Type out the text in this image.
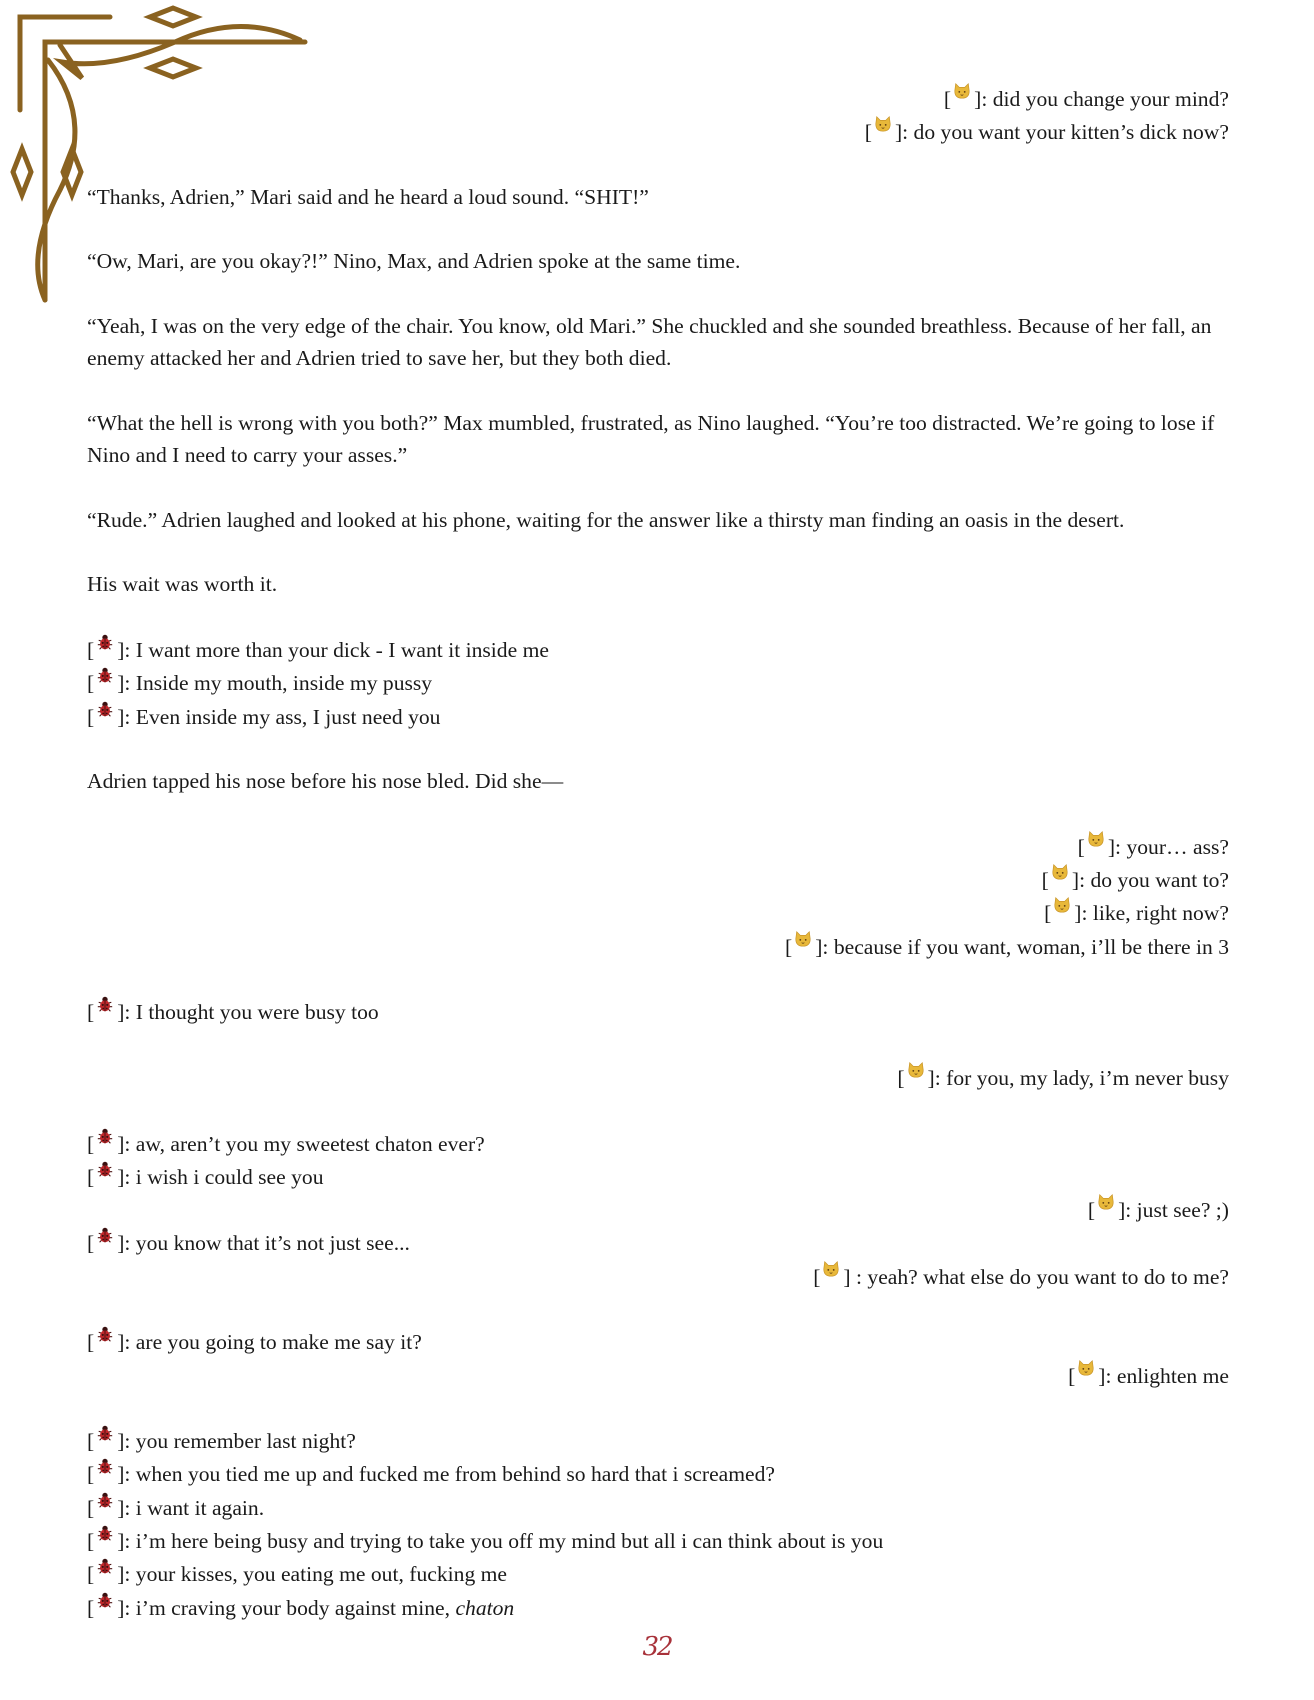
[ ]: did you change your mind?
[ ]: do you want your kitten’s dick now?
“Thanks, Adrien,” Mari said and he heard a loud sound. “SHIT!”
“Ow, Mari, are you okay?!” Nino, Max, and Adrien spoke at the same time.
“Yeah, I was on the very edge of the chair. You know, old Mari.” She chuckled and she sounded breathless. Because of her fall, an enemy attacked her and Adrien tried to save her, but they both died.
“What the hell is wrong with you both?” Max mumbled, frustrated, as Nino laughed. “You’re too distracted. We’re going to lose if Nino and I need to carry your asses.”
“Rude.” Adrien laughed and looked at his phone, waiting for the answer like a thirsty man finding an oasis in the desert.
His wait was worth it.
[ ]: I want more than your dick - I want it inside me
[ ]: Inside my mouth, inside my pussy
[ ]: Even inside my ass, I just need you
Adrien tapped his nose before his nose bled. Did she—
[ ]: your… ass?
[ ]: do you want to?
[ ]: like, right now?
[ ]: because if you want, woman, i’ll be there in 3
[ ]: I thought you were busy too
[ ]: for you, my lady, i’m never busy
[ ]: aw, aren’t you my sweetest chaton ever?
[ ]: i wish i could see you
[ ]: just see? ;)
[ ]: you know that it’s not just see...
[ ] : yeah? what else do you want to do to me?
[ ]: are you going to make me say it?
[ ]: enlighten me
[ ]: you remember last night?
[ ]: when you tied me up and fucked me from behind so hard that i screamed?
[ ]: i want it again.
[ ]: i’m here being busy and trying to take you off my mind but all i can think about is you
[ ]: your kisses, you eating me out, fucking me
[ ]: i’m craving your body against mine, chaton
32
